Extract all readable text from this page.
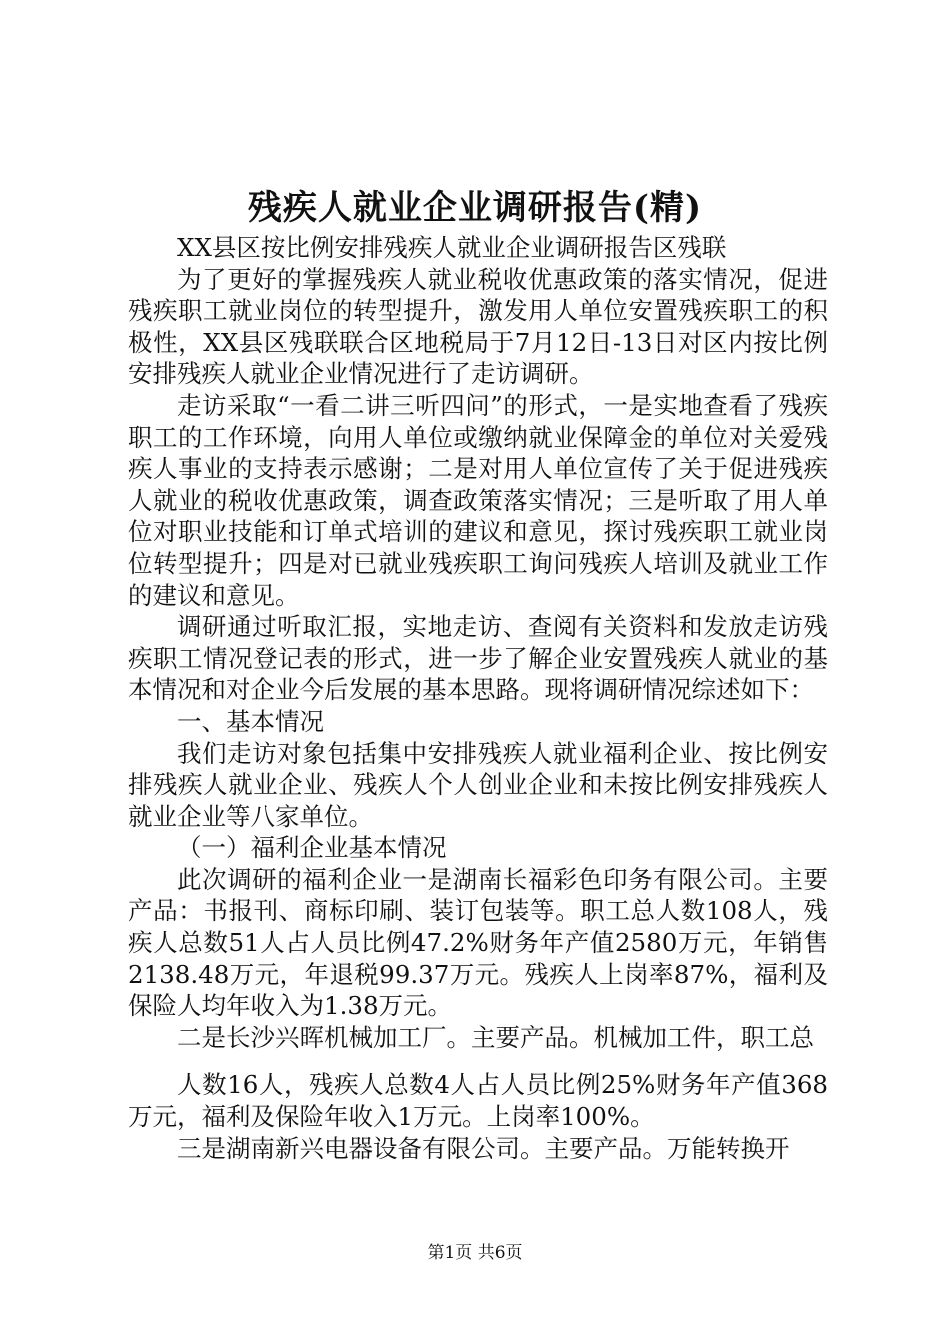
残疾人就业企业调研报告(精)

XX县区按比例安排残疾人就业企业调研报告区残联

为了更好的掌握残疾人就业税收优惠政策的落实情况，促进残疾职工就业岗位的转型提升，激发用人单位安置残疾职工的积极性，XX县区残联联合区地税局于7月12日-13日对区内按比例安排残疾人就业企业情况进行了走访调研。

走访采取“一看二讲三听四问”的形式，一是实地查看了残疾职工的工作环境，向用人单位或缴纳就业保障金的单位对关爱残疾人事业的支持表示感谢；二是对用人单位宣传了关于促进残疾人就业的税收优惠政策，调查政策落实情况；三是听取了用人单位对职业技能和订单式培训的建议和意见，探讨残疾职工就业岗位转型提升；四是对已就业残疾职工询问残疾人培训及就业工作的建议和意见。

调研通过听取汇报，实地走访、查阅有关资料和发放走访残疾职工情况登记表的形式，进一步了解企业安置残疾人就业的基本情况和对企业今后发展的基本思路。现将调研情况综述如下：

一、基本情况

我们走访对象包括集中安排残疾人就业福利企业、按比例安排残疾人就业企业、残疾人个人创业企业和未按比例安排残疾人就业企业等八家单位。

（一）福利企业基本情况

此次调研的福利企业一是湖南长福彩色印务有限公司。主要产品：书报刊、商标印刷、装订包装等。职工总人数108人，残疾人总数51人占人员比例47.2%财务年产值2580万元，年销售2138.48万元，年退税99.37万元。残疾人上岗率87%，福利及保险人均年收入为1.38万元。

二是长沙兴晖机械加工厂。主要产品。机械加工件，职工总

人数16人，残疾人总数4人占人员比例25%财务年产值368万元，福利及保险年收入1万元。上岗率100%。

三是湖南新兴电器设备有限公司。主要产品。万能转换开

第1页 共6页
